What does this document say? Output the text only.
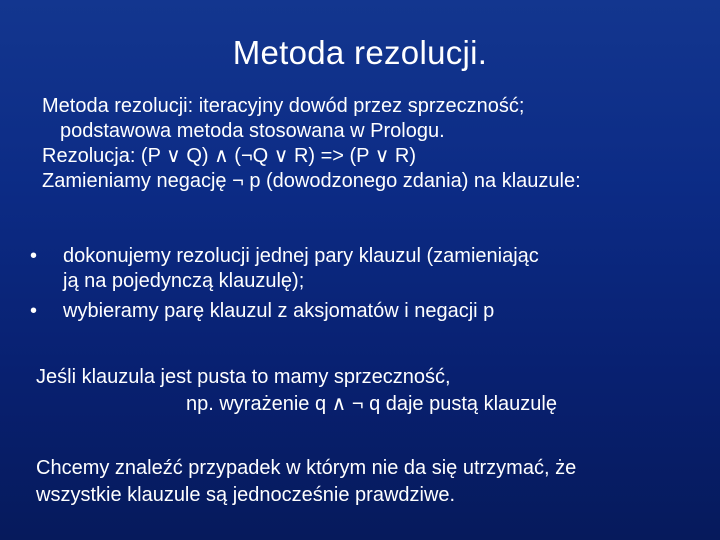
Metoda rezolucji.
Metoda rezolucji: iteracyjny dowód przez sprzeczność;
podstawowa metoda stosowana w Prologu.
Rezolucja: (P ∨ Q) ∧ (¬Q ∨ R) => (P ∨ R)
Zamieniamy negację ¬ p (dowodzonego zdania) na klauzule:
• dokonujemy rezolucji jednej pary klauzul (zamieniając
ją na pojedynczą klauzulę);
• wybieramy parę klauzul z aksjomatów i negacji p
Jeśli klauzula jest pusta to mamy sprzeczność,
np. wyrażenie q ∧ ¬ q daje pustą klauzulę
Chcemy znaleźć przypadek w którym nie da się utrzymać, że
wszystkie klauzule są jednocześnie prawdziwe.
